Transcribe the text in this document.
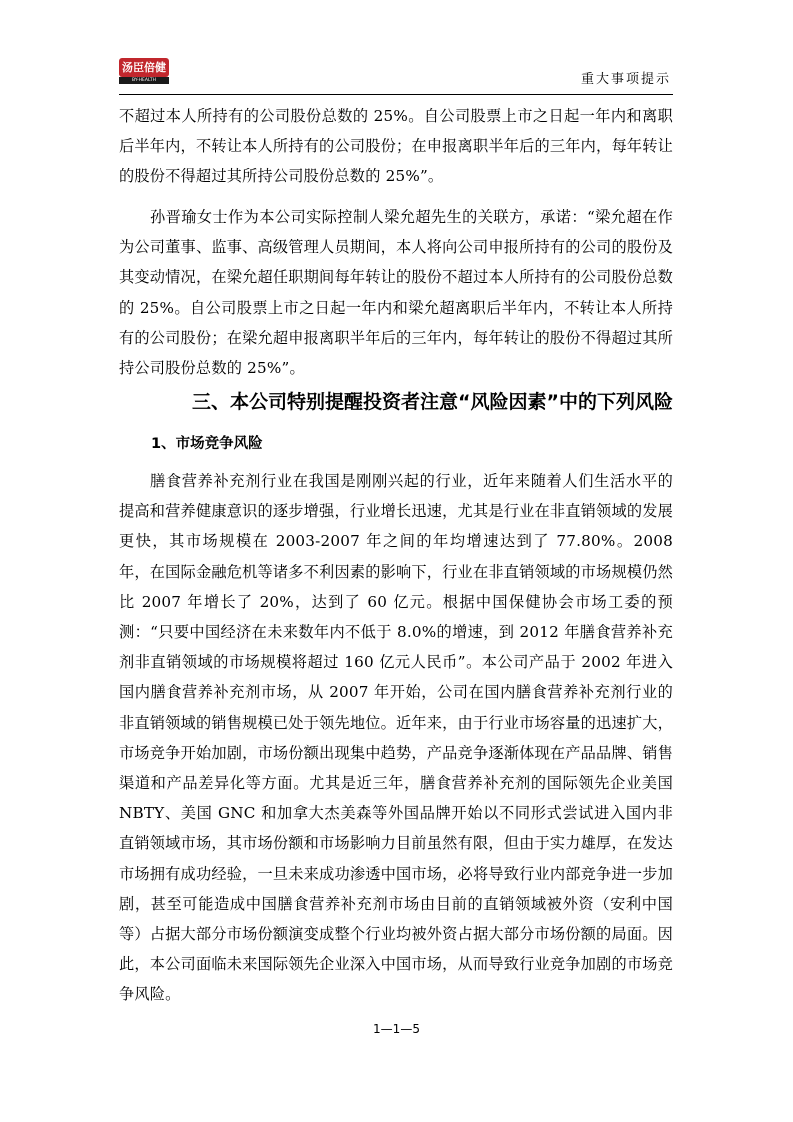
汤臣倍健
BY-HEALTH	重大事项提示

不超过本人所持有的公司股份总数的 25%。自公司股票上市之日起一年内和离职后半年内，不转让本人所持有的公司股份；在申报离职半年后的三年内，每年转让的股份不得超过其所持公司股份总数的 25%”。

孙晋瑜女士作为本公司实际控制人梁允超先生的关联方，承诺：“梁允超在作为公司董事、监事、高级管理人员期间，本人将向公司申报所持有的公司的股份及其变动情况，在梁允超任职期间每年转让的股份不超过本人所持有的公司股份总数的 25%。自公司股票上市之日起一年内和梁允超离职后半年内，不转让本人所持有的公司股份；在梁允超申报离职半年后的三年内，每年转让的股份不得超过其所持公司股份总数的 25%”。

三、本公司特别提醒投资者注意“风险因素”中的下列风险
1、市场竞争风险

膳食营养补充剂行业在我国是刚刚兴起的行业，近年来随着人们生活水平的提高和营养健康意识的逐步增强，行业增长迅速，尤其是行业在非直销领域的发展更快，其市场规模在 2003-2007 年之间的年均增速达到了 77.80%。2008 年，在国际金融危机等诸多不利因素的影响下，行业在非直销领域的市场规模仍然比 2007 年增长了 20%，达到了 60 亿元。根据中国保健协会市场工委的预测：“只要中国经济在未来数年内不低于 8.0%的增速，到 2012 年膳食营养补充剂非直销领域的市场规模将超过 160 亿元人民币”。本公司产品于 2002 年进入国内膳食营养补充剂市场，从 2007 年开始，公司在国内膳食营养补充剂行业的非直销领域的销售规模已处于领先地位。近年来，由于行业市场容量的迅速扩大，市场竞争开始加剧，市场份额出现集中趋势，产品竞争逐渐体现在产品品牌、销售渠道和产品差异化等方面。尤其是近三年，膳食营养补充剂的国际领先企业美国 NBTY、美国 GNC 和加拿大杰美森等外国品牌开始以不同形式尝试进入国内非直销领域市场，其市场份额和市场影响力目前虽然有限，但由于实力雄厚，在发达市场拥有成功经验，一旦未来成功渗透中国市场，必将导致行业内部竞争进一步加剧，甚至可能造成中国膳食营养补充剂市场由目前的直销领域被外资（安利中国等）占据大部分市场份额演变成整个行业均被外资占据大部分市场份额的局面。因此，本公司面临未来国际领先企业深入中国市场，从而导致行业竞争加剧的市场竞争风险。

1—1—5
